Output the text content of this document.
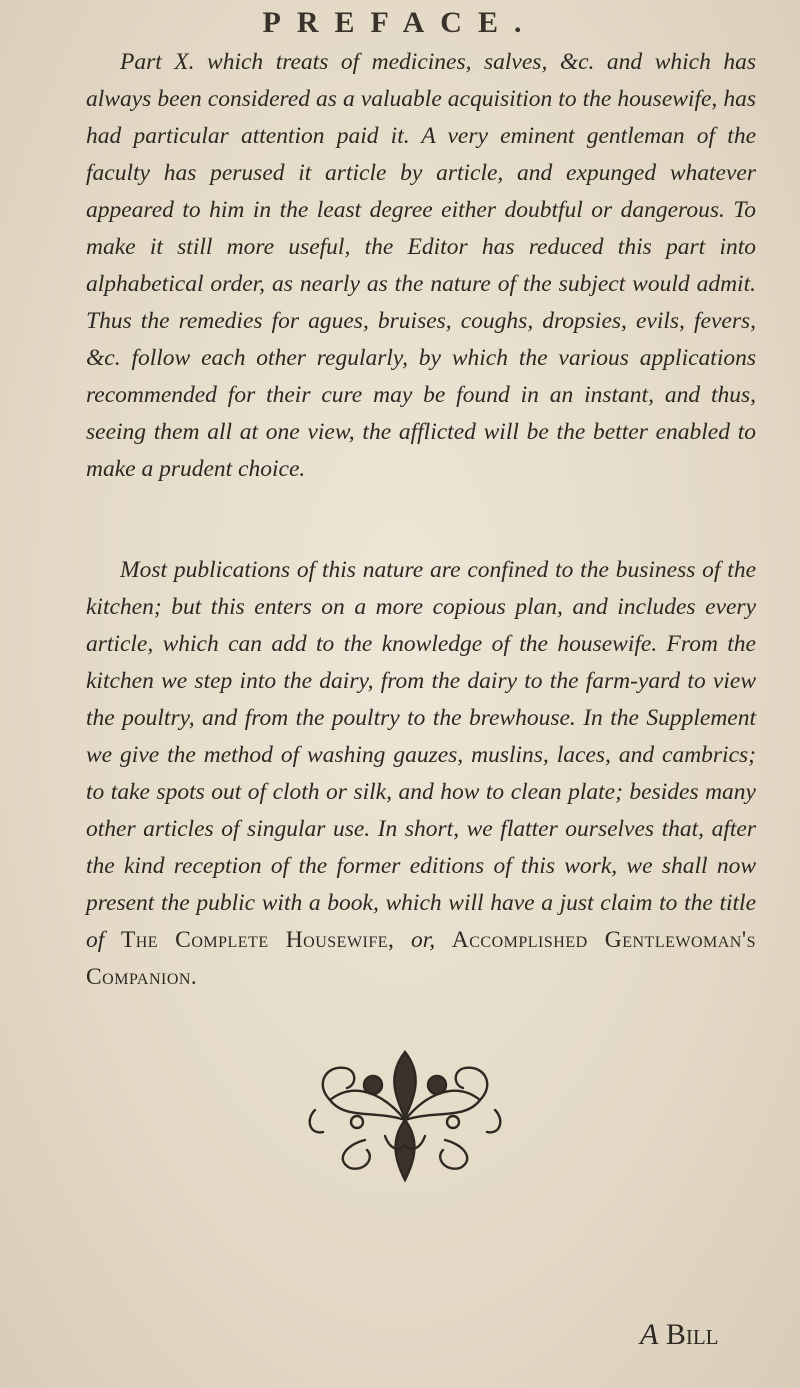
PREFACE.

Part X. which treats of medicines, salves, &c. and which has always been considered as a valuable acquisition to the housewife, has had particular attention paid it. A very eminent gentleman of the faculty has perused it article by article, and expunged whatever appeared to him in the least degree either doubtful or dangerous. To make it still more useful, the Editor has reduced this part into alphabetical order, as nearly as the nature of the subject would admit. Thus the remedies for agues, bruises, coughs, dropsies, evils, fevers, &c. follow each other regularly, by which the various applications recommended for their cure may be found in an instant, and thus, seeing them all at one view, the afflicted will be the better enabled to make a prudent choice.

Most publications of this nature are confined to the business of the kitchen; but this enters on a more copious plan, and includes every article, which can add to the knowledge of the housewife. From the kitchen we step into the dairy, from the dairy to the farm-yard to view the poultry, and from the poultry to the brewhouse. In the Supplement we give the method of washing gauzes, muslins, laces, and cambrics; to take spots out of cloth or silk, and how to clean plate; besides many other articles of singular use. In short, we flatter ourselves that, after the kind reception of the former editions of this work, we shall now present the public with a book, which will have a just claim to the title of The Complete Housewife, or, Accomplished Gentlewoman's Companion.

A Bill
